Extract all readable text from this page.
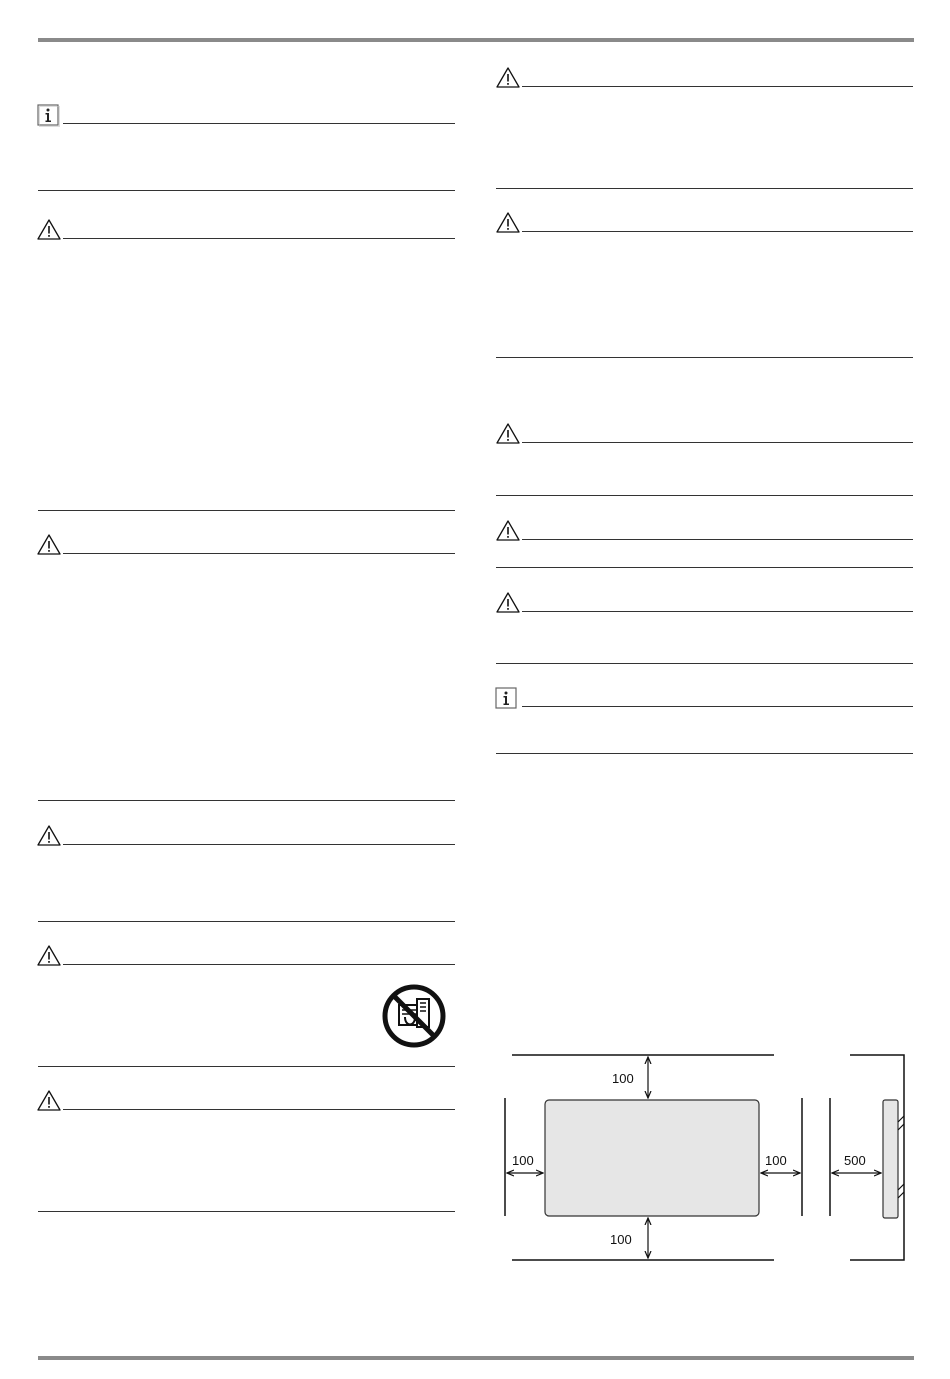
100
100
100	100	500
